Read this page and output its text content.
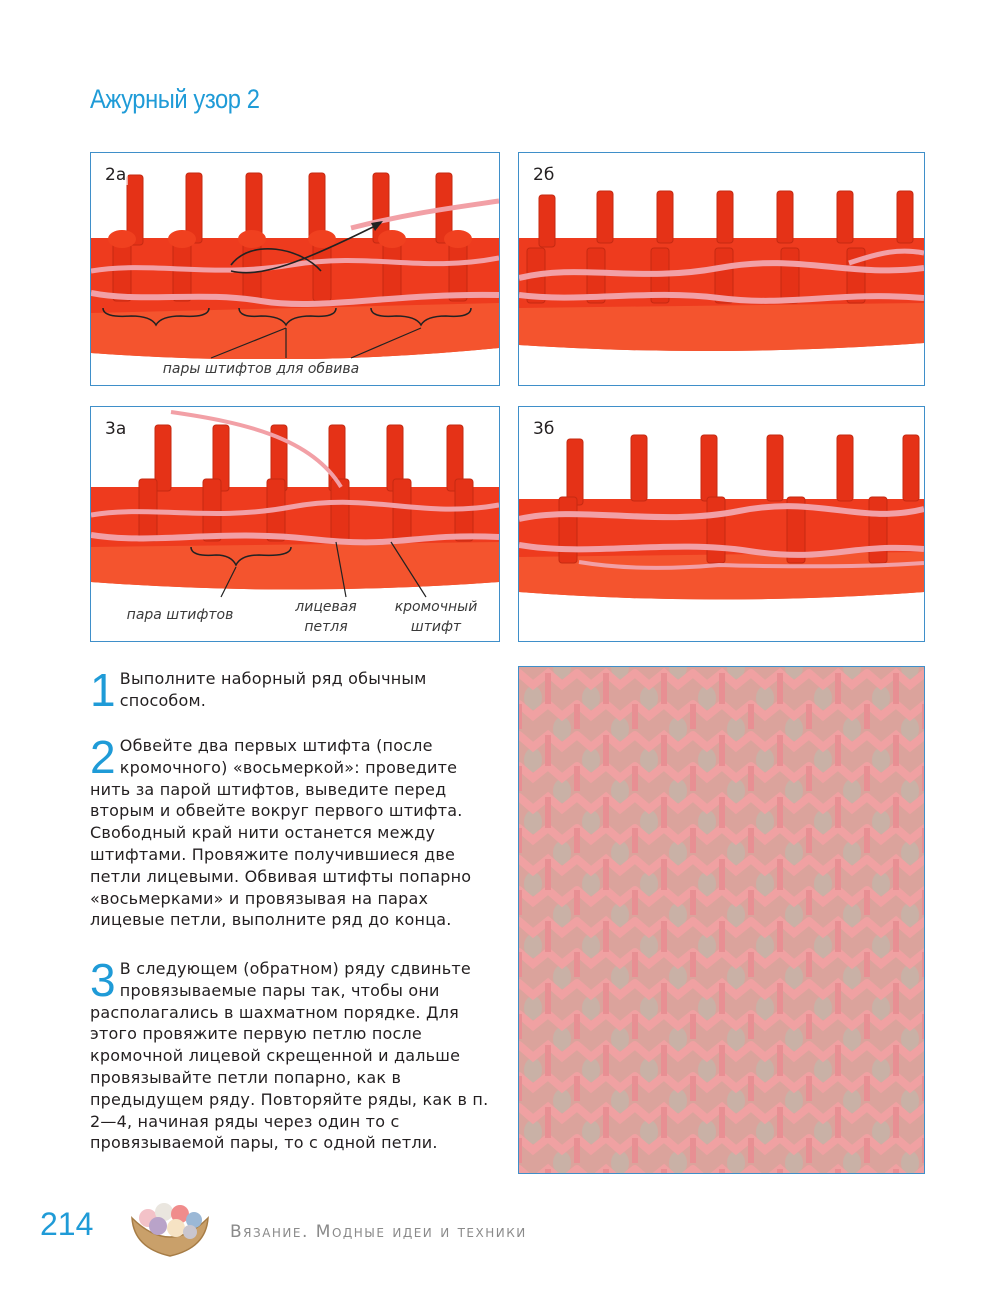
Ажурный узор 2
2а
пары штифтов для обвива
2б
3а
пара штифтов	лицевая
петля
кромочный
штифт
3б
1 Выполните наборный ряд обычным способом.
2 Обвейте два первых штифта (после кромочного) «восьмеркой»: проведите нить за парой штифтов, выведите перед вторым и обвейте вокруг первого штифта. Свободный край нити останется между штифтами. Провяжите получившиеся две петли лицевыми. Обвивая штифты попарно «восьмерками» и провязывая на парах лицевые петли, выполните ряд до конца.
3 В следующем (обратном) ряду сдвиньте провязываемые пары так, чтобы они располагались в шахматном порядке. Для этого провяжите первую петлю после кромочной лицевой скрещенной и дальше провязывайте петли попарно, как в предыдущем ряду. Повторяйте ряды, как в п. 2—4, начиная ряды через один то с провязываемой пары, то с одной петли.
214	Вязание. Модные идеи и техники
